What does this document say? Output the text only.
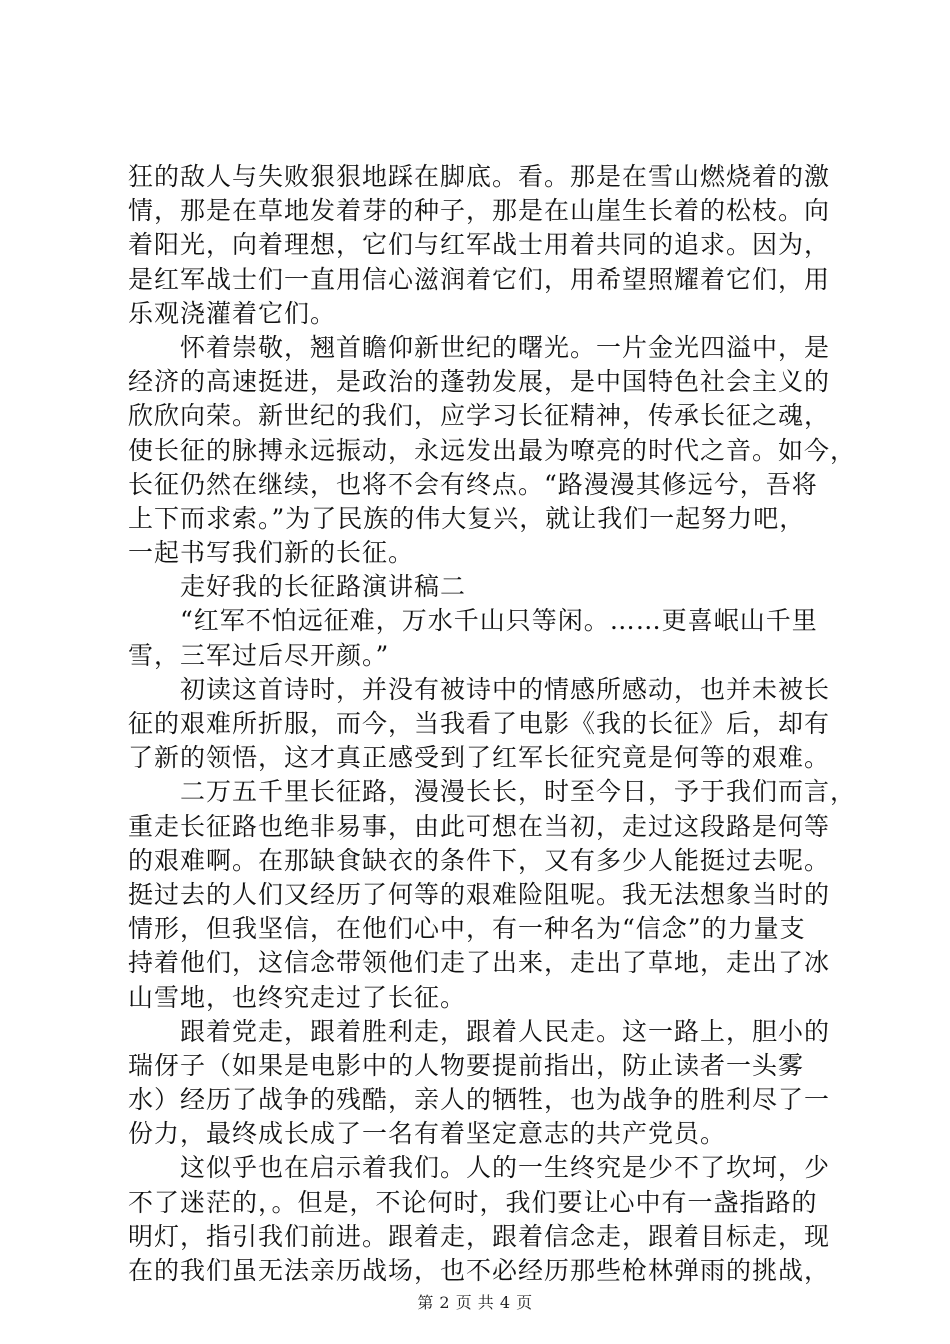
狂的敌人与失败狠狠地踩在脚底。看。那是在雪山燃烧着的激
情，那是在草地发着芽的种子，那是在山崖生长着的松枝。向
着阳光，向着理想，它们与红军战士用着共同的追求。因为，
是红军战士们一直用信心滋润着它们，用希望照耀着它们，用
乐观浇灌着它们。
怀着崇敬，翘首瞻仰新世纪的曙光。一片金光四溢中，是
经济的高速挺进，是政治的蓬勃发展，是中国特色社会主义的
欣欣向荣。新世纪的我们，应学习长征精神，传承长征之魂，
使长征的脉搏永远振动，永远发出最为嘹亮的时代之音。如今，
长征仍然在继续，也将不会有终点。“路漫漫其修远兮，吾将
上下而求索。”为了民族的伟大复兴，就让我们一起努力吧，
一起书写我们新的长征。
走好我的长征路演讲稿二
“红军不怕远征难，万水千山只等闲。……更喜岷山千里
雪，三军过后尽开颜。”
初读这首诗时，并没有被诗中的情感所感动，也并未被长
征的艰难所折服，而今，当我看了电影《我的长征》后，却有
了新的领悟，这才真正感受到了红军长征究竟是何等的艰难。
二万五千里长征路，漫漫长长，时至今日，予于我们而言，
重走长征路也绝非易事，由此可想在当初，走过这段路是何等
的艰难啊。在那缺食缺衣的条件下，又有多少人能挺过去呢。
挺过去的人们又经历了何等的艰难险阻呢。我无法想象当时的
情形，但我坚信，在他们心中，有一种名为“信念”的力量支
持着他们，这信念带领他们走了出来，走出了草地，走出了冰
山雪地，也终究走过了长征。
跟着党走，跟着胜利走，跟着人民走。这一路上，胆小的
瑞伢子（如果是电影中的人物要提前指出，防止读者一头雾
水）经历了战争的残酷，亲人的牺牲，也为战争的胜利尽了一
份力，最终成长成了一名有着坚定意志的共产党员。
这似乎也在启示着我们。人的一生终究是少不了坎坷，少
不了迷茫的，。但是，不论何时，我们要让心中有一盏指路的
明灯，指引我们前进。跟着走，跟着信念走，跟着目标走，现
在的我们虽无法亲历战场，也不必经历那些枪林弹雨的挑战，
第 2 页 共 4 页
